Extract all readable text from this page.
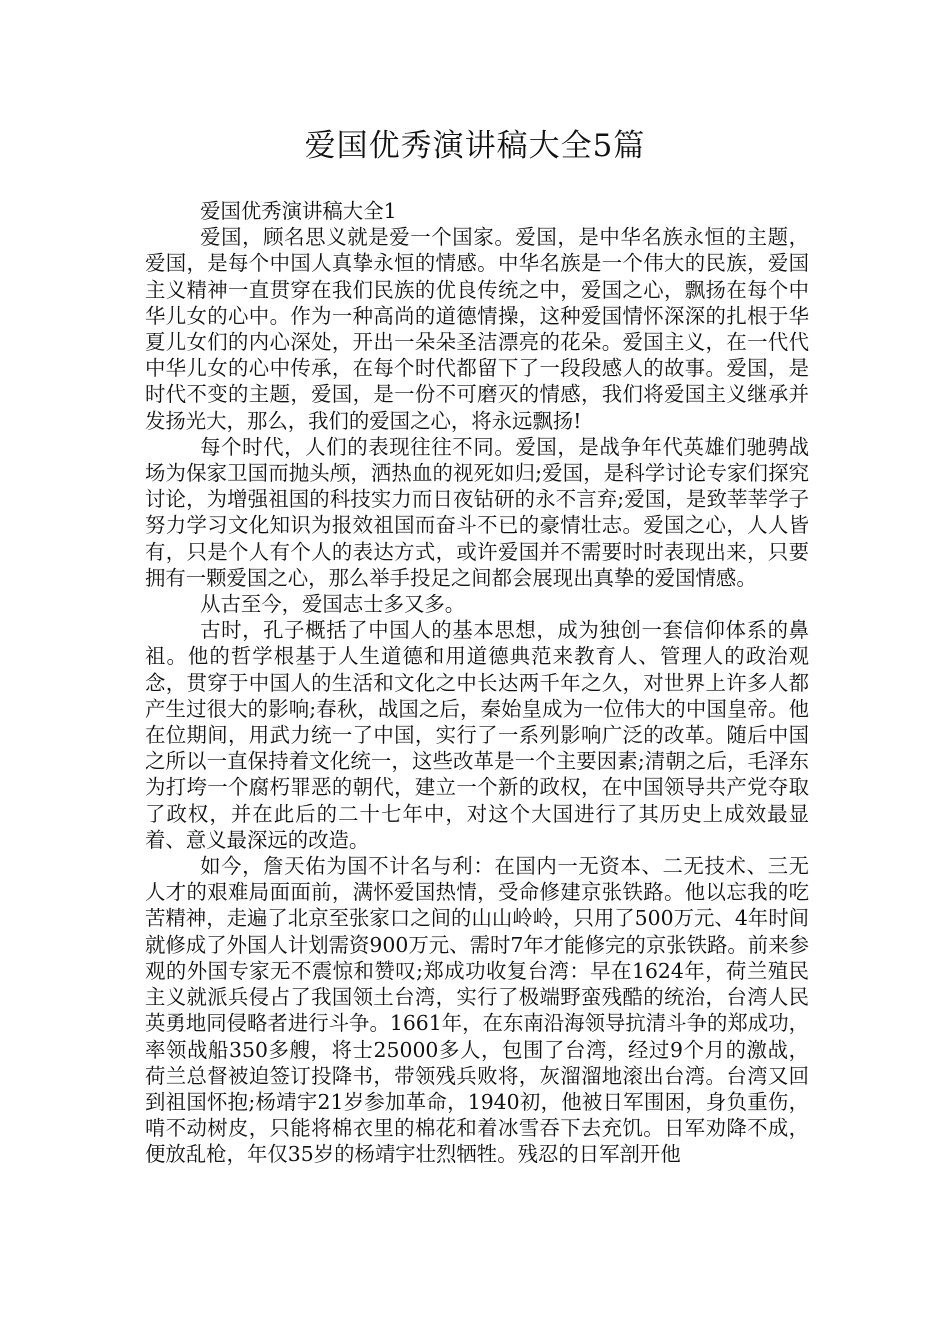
爱国优秀演讲稿大全5篇

爱国优秀演讲稿大全1

爱国，顾名思义就是爱一个国家。爱国，是中华名族永恒的主题，爱国，是每个中国人真挚永恒的情感。中华名族是一个伟大的民族，爱国主义精神一直贯穿在我们民族的优良传统之中，爱国之心，飘扬在每个中华儿女的心中。作为一种高尚的道德情操，这种爱国情怀深深的扎根于华夏儿女们的内心深处，开出一朵朵圣洁漂亮的花朵。爱国主义，在一代代中华儿女的心中传承，在每个时代都留下了一段段感人的故事。爱国，是时代不变的主题，爱国，是一份不可磨灭的情感，我们将爱国主义继承并发扬光大，那么，我们的爱国之心，将永远飘扬!

每个时代，人们的表现往往不同。爱国，是战争年代英雄们驰骋战场为保家卫国而抛头颅，洒热血的视死如归;爱国，是科学讨论专家们探究讨论，为增强祖国的科技实力而日夜钻研的永不言弃;爱国，是致莘莘学子努力学习文化知识为报效祖国而奋斗不已的豪情壮志。爱国之心，人人皆有，只是个人有个人的表达方式，或许爱国并不需要时时表现出来，只要拥有一颗爱国之心，那么举手投足之间都会展现出真挚的爱国情感。

从古至今，爱国志士多又多。

古时，孔子概括了中国人的基本思想，成为独创一套信仰体系的鼻祖。他的哲学根基于人生道德和用道德典范来教育人、管理人的政治观念，贯穿于中国人的生活和文化之中长达两千年之久，对世界上许多人都产生过很大的影响;春秋，战国之后，秦始皇成为一位伟大的中国皇帝。他在位期间，用武力统一了中国，实行了一系列影响广泛的改革。随后中国之所以一直保持着文化统一，这些改革是一个主要因素;清朝之后，毛泽东为打垮一个腐朽罪恶的朝代，建立一个新的政权，在中国领导共产党夺取了政权，并在此后的二十七年中，对这个大国进行了其历史上成效最显着、意义最深远的改造。

如今，詹天佑为国不计名与利：在国内一无资本、二无技术、三无人才的艰难局面面前，满怀爱国热情，受命修建京张铁路。他以忘我的吃苦精神，走遍了北京至张家口之间的山山岭岭，只用了500万元、4年时间就修成了外国人计划需资900万元、需时7年才能修完的京张铁路。前来参观的外国专家无不震惊和赞叹;郑成功收复台湾：早在1624年，荷兰殖民主义就派兵侵占了我国领土台湾，实行了极端野蛮残酷的统治，台湾人民英勇地同侵略者进行斗争。1661年，在东南沿海领导抗清斗争的郑成功，率领战船350多艘，将士25000多人，包围了台湾，经过9个月的激战，荷兰总督被迫签订投降书，带领残兵败将，灰溜溜地滚出台湾。台湾又回到祖国怀抱;杨靖宇21岁参加革命，1940初，他被日军围困，身负重伤，啃不动树皮，只能将棉衣里的棉花和着冰雪吞下去充饥。日军劝降不成，便放乱枪，年仅35岁的杨靖宇壮烈牺牲。残忍的日军剖开他
